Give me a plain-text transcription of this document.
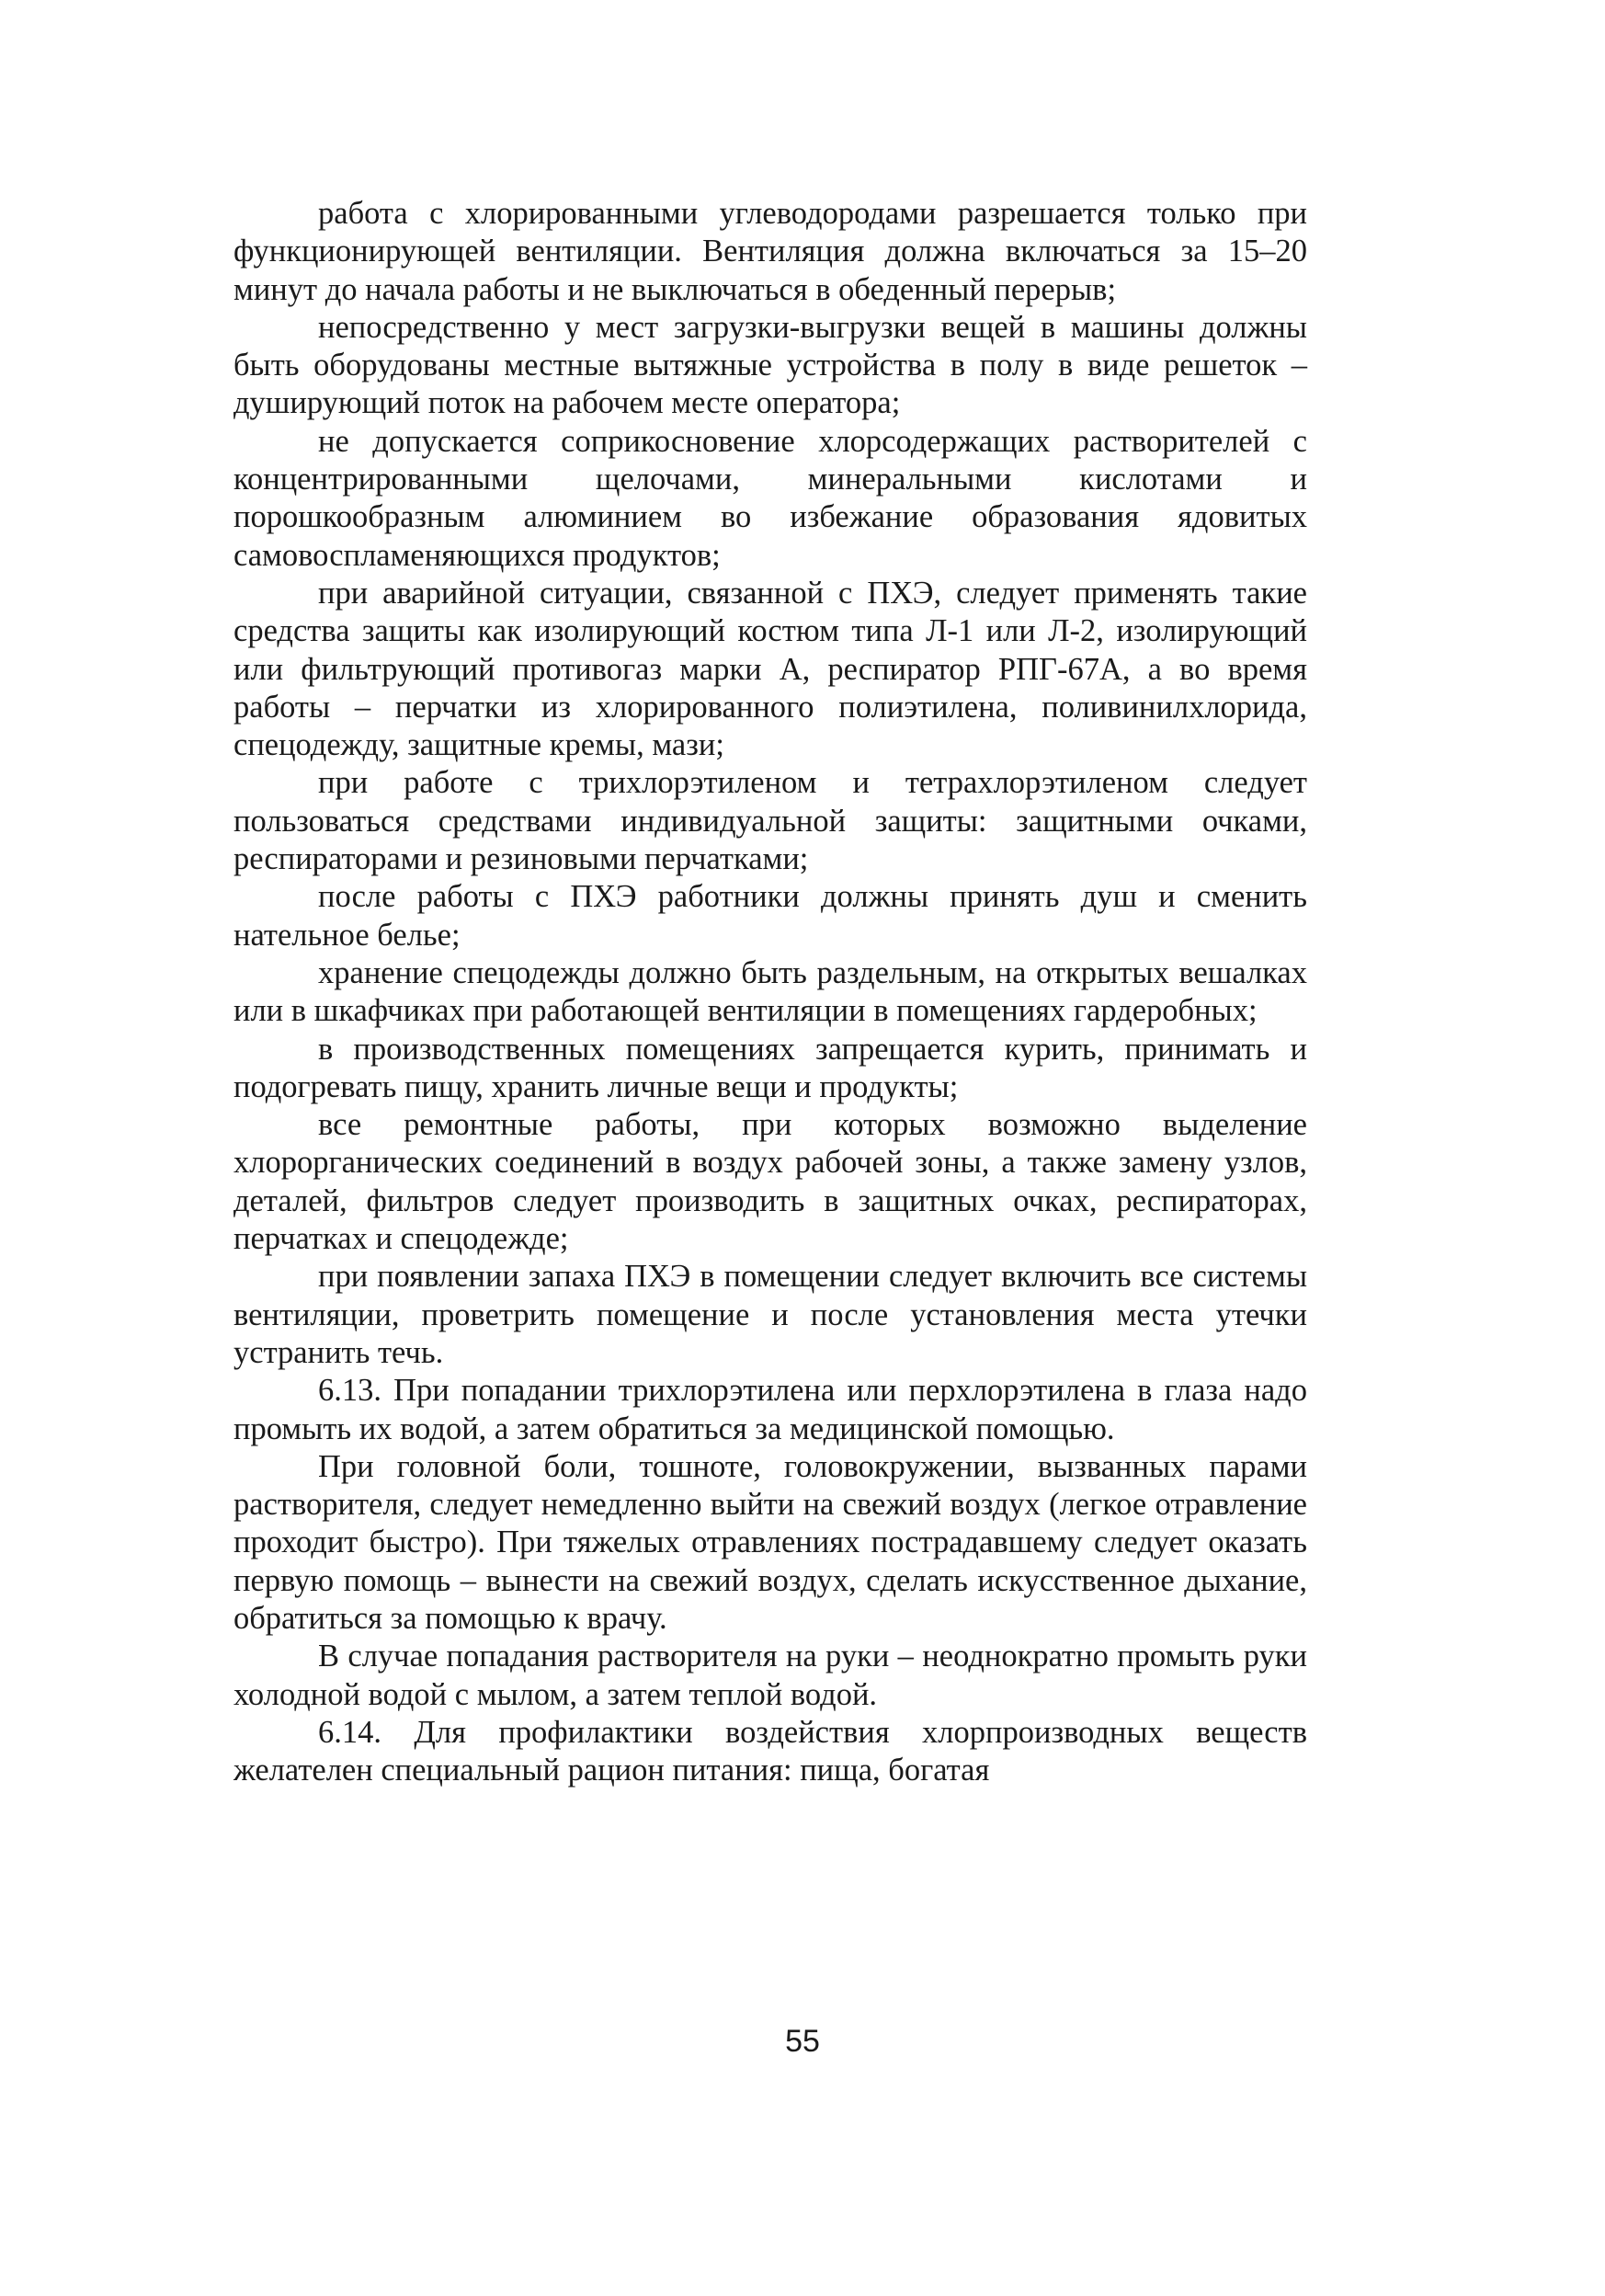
работа с хлорированными углеводородами разрешается только при функционирующей вентиляции. Вентиляция должна включаться за 15–20 минут до начала работы и не выключаться в обеденный перерыв;

непосредственно у мест загрузки-выгрузки вещей в машины должны быть оборудованы местные вытяжные устройства в полу в виде решеток – душирующий поток на рабочем месте оператора;

не допускается соприкосновение хлорсодержащих растворителей с концентрированными щелочами, минеральными кислотами и порошкообразным алюминием во избежание образования ядовитых самовоспламеняющихся продуктов;

при аварийной ситуации, связанной с ПХЭ, следует применять такие средства защиты как изолирующий костюм типа Л-1 или Л-2, изолирующий или фильтрующий противогаз марки А, респиратор РПГ-67А, а во время работы – перчатки из хлорированного полиэтилена, поливинилхлорида, спецодежду, защитные кремы, мази;

при работе с трихлорэтиленом и тетрахлорэтиленом следует пользоваться средствами индивидуальной защиты: защитными очками, респираторами и резиновыми перчатками;

после работы с ПХЭ работники должны принять душ и сменить нательное белье;

хранение спецодежды должно быть раздельным, на открытых вешалках или в шкафчиках при работающей вентиляции в помещениях гардеробных;

в производственных помещениях запрещается курить, принимать и подогревать пищу, хранить личные вещи и продукты;

все ремонтные работы, при которых возможно выделение хлорорганических соединений в воздух рабочей зоны, а также замену узлов, деталей, фильтров следует производить в защитных очках, респираторах, перчатках и спецодежде;

при появлении запаха ПХЭ в помещении следует включить все системы вентиляции, проветрить помещение и после установления места утечки устранить течь.

6.13. При попадании трихлорэтилена или перхлорэтилена в глаза надо промыть их водой, а затем обратиться за медицинской помощью.

При головной боли, тошноте, головокружении, вызванных парами растворителя, следует немедленно выйти на свежий воздух (легкое отравление проходит быстро). При тяжелых отравлениях пострадавшему следует оказать первую помощь – вынести на свежий воздух, сделать искусственное дыхание, обратиться за помощью к врачу.

В случае попадания растворителя на руки – неоднократно промыть руки холодной водой с мылом, а затем теплой водой.

6.14. Для профилактики воздействия хлорпроизводных веществ желателен специальный рацион питания: пища, богатая

55
